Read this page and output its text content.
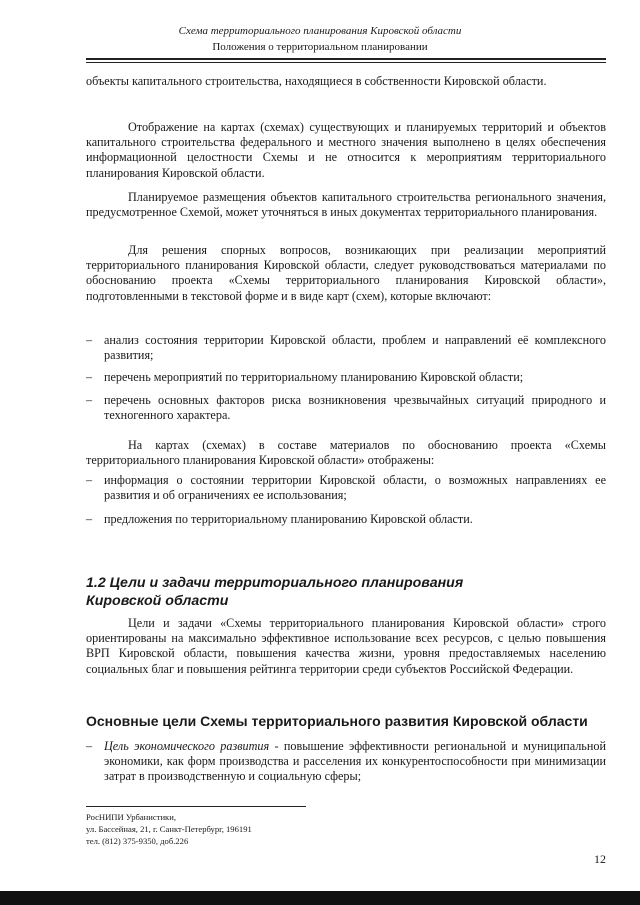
Схема территориального планирования Кировской области
Положения о территориальном планировании
объекты капитального строительства, находящиеся в собственности Кировской области.
Отображение на картах (схемах) существующих и планируемых территорий и объектов капитального строительства федерального и местного значения выполнено в целях обеспечения информационной целостности Схемы и не относится к мероприятиям территориального планирования Кировской области.
Планируемое размещения объектов капитального строительства регионального значения, предусмотренное Схемой, может уточняться в иных документах территориального планирования.
Для решения спорных вопросов, возникающих при реализации мероприятий территориального планирования Кировской области, следует руководствоваться материалами по обоснованию проекта «Схемы территориального планирования Кировской области», подготовленными в текстовой форме и в виде карт (схем), которые включают:
– анализ состояния территории Кировской области, проблем и направлений её комплексного развития;
– перечень мероприятий по территориальному планированию Кировской области;
– перечень основных факторов риска возникновения чрезвычайных ситуаций природного и техногенного характера.
На картах (схемах) в составе материалов по обоснованию проекта «Схемы территориального планирования Кировской области» отображены:
– информация о состоянии территории Кировской области, о возможных направлениях ее развития и об ограничениях ее использования;
– предложения по территориальному планированию Кировской области.
1.2 Цели и задачи территориального планирования
Кировской области
Цели и задачи «Схемы территориального планирования Кировской области» строго ориентированы на максимально эффективное использование всех ресурсов, с целью повышения ВРП Кировской области, повышения качества жизни, уровня предоставляемых населению социальных благ и повышения рейтинга территории среди субъектов Российской Федерации.
Основные цели Схемы территориального развития Кировской области
– Цель экономического развития - повышение эффективности региональной и муниципальной экономики, как форм производства и расселения их конкурентоспособности при минимизации затрат в производственную и социальную сферы;
РосНИПИ Урбанистики,
ул. Бассейная, 21, г. Санкт-Петербург, 196191
тел. (812) 375-9350, доб.226
12
